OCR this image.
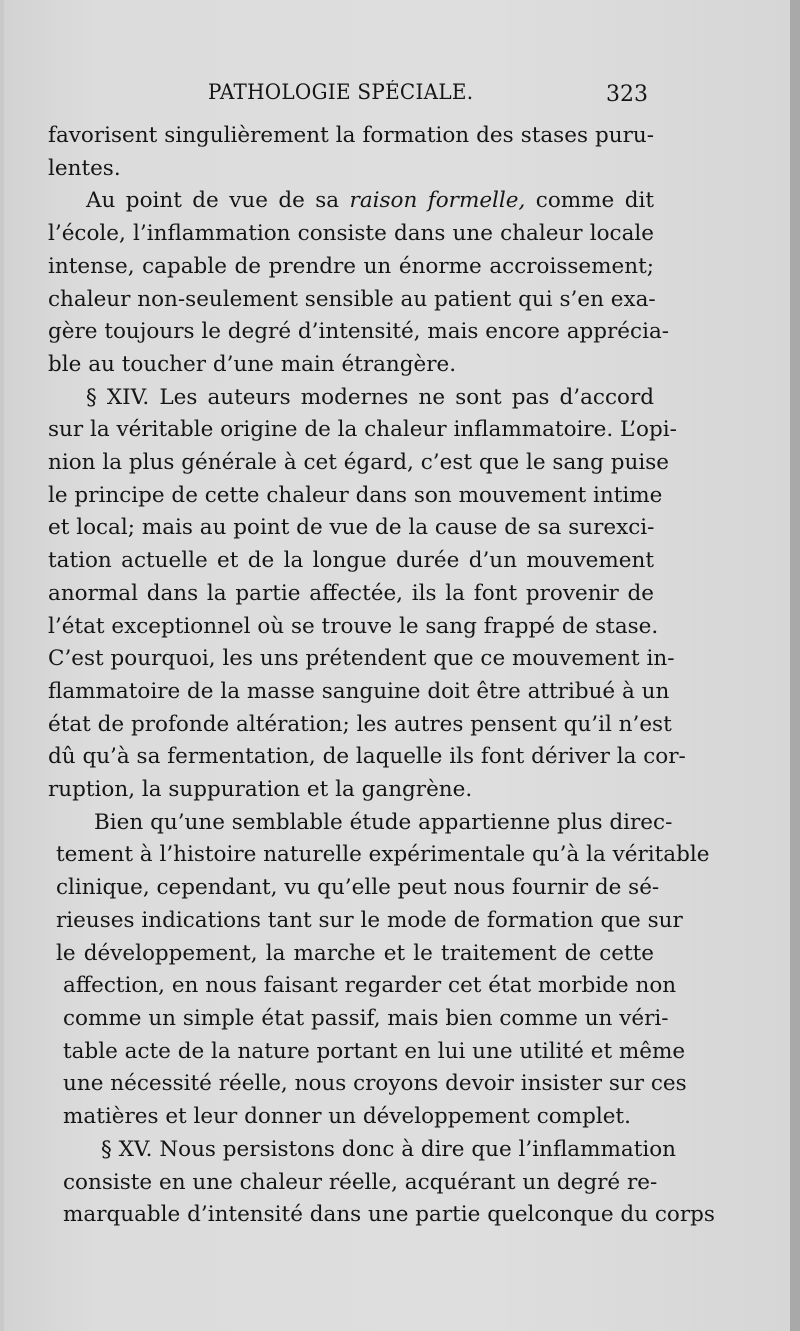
PATHOLOGIE SPÉCIALE.	323
favorisent singulièrement la formation des stases puru-
lentes.
Au point de vue de sa raison formelle, comme dit
l’école, l’inflammation consiste dans une chaleur locale
intense, capable de prendre un énorme accroissement;
chaleur non-seulement sensible au patient qui s’en exa-
gère toujours le degré d’intensité, mais encore apprécia-
ble au toucher d’une main étrangère.
§ XIV. Les auteurs modernes ne sont pas d’accord
sur la véritable origine de la chaleur inflammatoire. L’opi-
nion la plus générale à cet égard, c’est que le sang puise
le principe de cette chaleur dans son mouvement intime
et local; mais au point de vue de la cause de sa surexci-
tation actuelle et de la longue durée d’un mouvement
anormal dans la partie affectée, ils la font provenir de
l’état exceptionnel où se trouve le sang frappé de stase.
C’est pourquoi, les uns prétendent que ce mouvement in-
flammatoire de la masse sanguine doit être attribué à un
état de profonde altération; les autres pensent qu’il n’est
dû qu’à sa fermentation, de laquelle ils font dériver la cor-
ruption, la suppuration et la gangrène.
Bien qu’une semblable étude appartienne plus direc-
tement à l’histoire naturelle expérimentale qu’à la véritable
clinique, cependant, vu qu’elle peut nous fournir de sé-
rieuses indications tant sur le mode de formation que sur
le développement, la marche et le traitement de cette
affection, en nous faisant regarder cet état morbide non
comme un simple état passif, mais bien comme un véri-
table acte de la nature portant en lui une utilité et même
une nécessité réelle, nous croyons devoir insister sur ces
matières et leur donner un développement complet.
§ XV. Nous persistons donc à dire que l’inflammation
consiste en une chaleur réelle, acquérant un degré re-
marquable d’intensité dans une partie quelconque du corps
